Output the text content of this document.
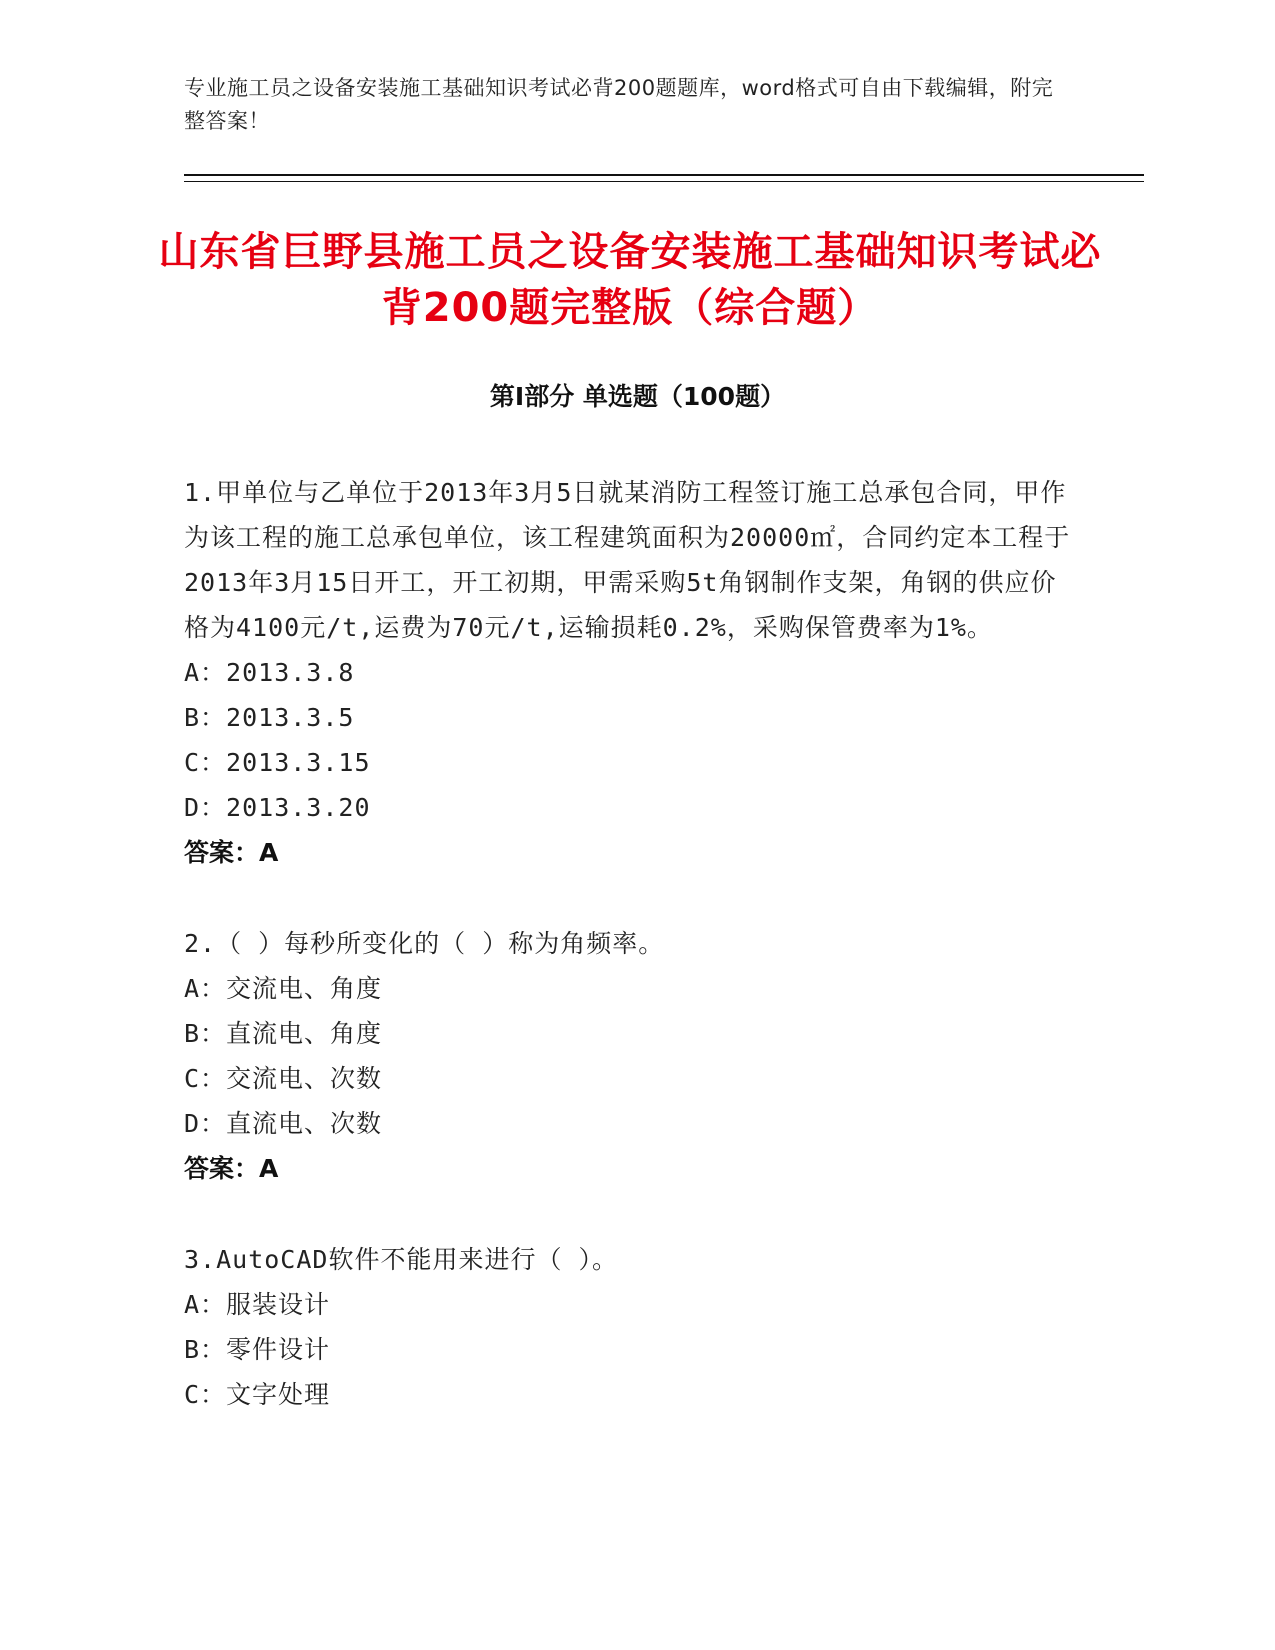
专业施工员之设备安装施工基础知识考试必背200题题库，word格式可自由下载编辑，附完整答案！
山东省巨野县施工员之设备安装施工基础知识考试必背200题完整版（综合题）
第Ⅰ部分 单选题（100题）
1.甲单位与乙单位于2013年3月5日就某消防工程签订施工总承包合同，甲作为该工程的施工总承包单位，该工程建筑面积为20000㎡，合同约定本工程于2013年3月15日开工，开工初期，甲需采购5t角钢制作支架，角钢的供应价格为4100元/t,运费为70元/t,运输损耗0.2%，采购保管费率为1%。
A：2013.3.8
B：2013.3.5
C：2013.3.15
D：2013.3.20
答案：A
2.（ ）每秒所变化的（ ）称为角频率。
A：交流电、角度
B：直流电、角度
C：交流电、次数
D：直流电、次数
答案：A
3.AutoCAD软件不能用来进行（ ）。
A：服装设计
B：零件设计
C：文字处理
